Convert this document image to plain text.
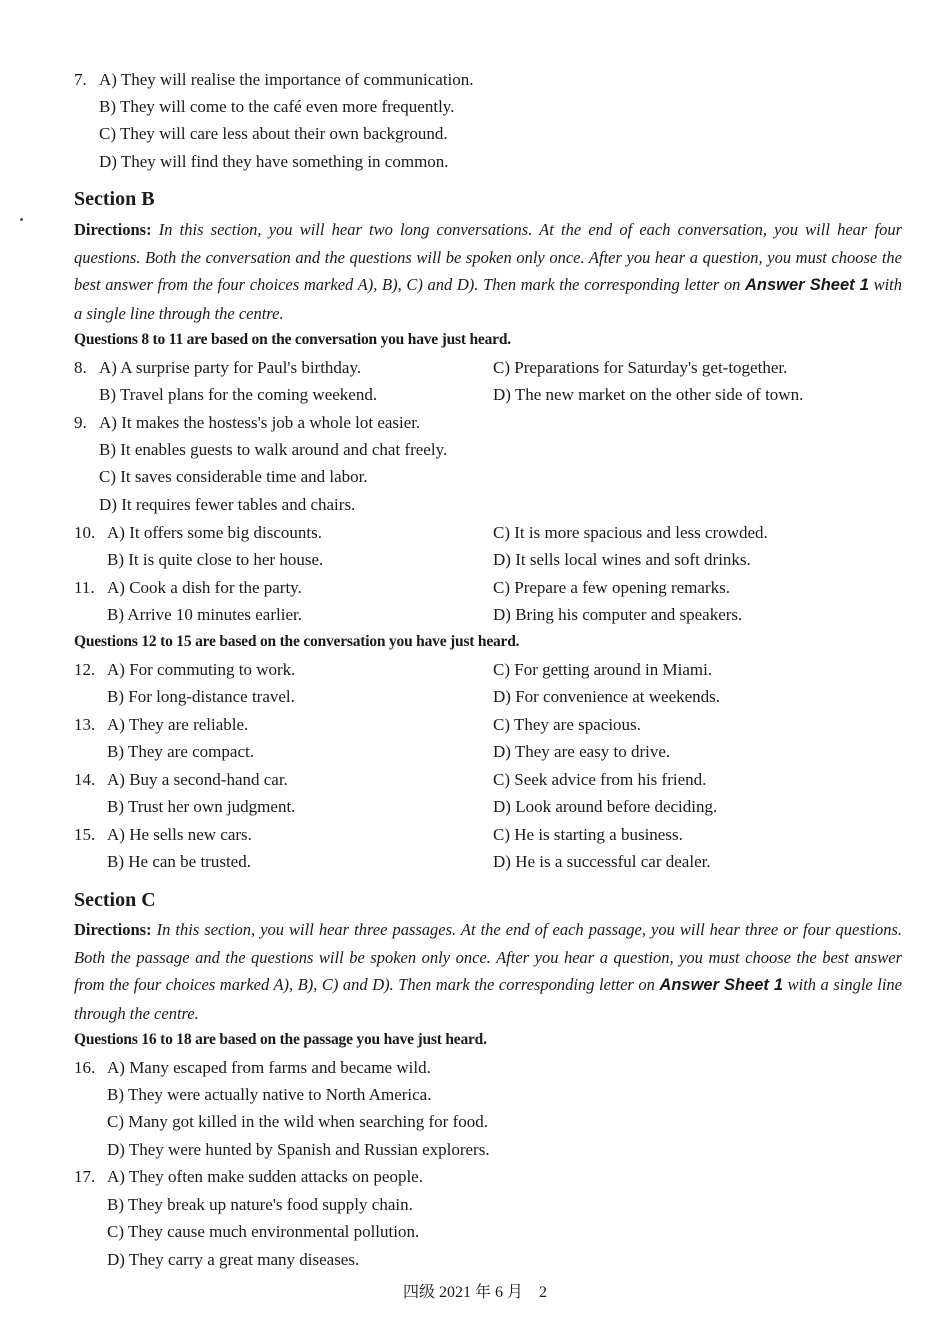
7. A) They will realise the importance of communication.
B) They will come to the café even more frequently.
C) They will care less about their own background.
D) They will find they have something in common.
Section B
Directions: In this section, you will hear two long conversations. At the end of each conversation, you will hear four questions. Both the conversation and the questions will be spoken only once. After you hear a question, you must choose the best answer from the four choices marked A), B), C) and D). Then mark the corresponding letter on Answer Sheet 1 with a single line through the centre.
Questions 8 to 11 are based on the conversation you have just heard.
8. A) A surprise party for Paul's birthday.	C) Preparations for Saturday's get-together.
B) Travel plans for the coming weekend.	D) The new market on the other side of town.
9. A) It makes the hostess's job a whole lot easier.
B) It enables guests to walk around and chat freely.
C) It saves considerable time and labor.
D) It requires fewer tables and chairs.
10. A) It offers some big discounts.	C) It is more spacious and less crowded.
B) It is quite close to her house.	D) It sells local wines and soft drinks.
11. A) Cook a dish for the party.	C) Prepare a few opening remarks.
B) Arrive 10 minutes earlier.	D) Bring his computer and speakers.
Questions 12 to 15 are based on the conversation you have just heard.
12. A) For commuting to work.	C) For getting around in Miami.
B) For long-distance travel.	D) For convenience at weekends.
13. A) They are reliable.	C) They are spacious.
B) They are compact.	D) They are easy to drive.
14. A) Buy a second-hand car.	C) Seek advice from his friend.
B) Trust her own judgment.	D) Look around before deciding.
15. A) He sells new cars.	C) He is starting a business.
B) He can be trusted.	D) He is a successful car dealer.
Section C
Directions: In this section, you will hear three passages. At the end of each passage, you will hear three or four questions. Both the passage and the questions will be spoken only once. After you hear a question, you must choose the best answer from the four choices marked A), B), C) and D). Then mark the corresponding letter on Answer Sheet 1 with a single line through the centre.
Questions 16 to 18 are based on the passage you have just heard.
16. A) Many escaped from farms and became wild.
B) They were actually native to North America.
C) Many got killed in the wild when searching for food.
D) They were hunted by Spanish and Russian explorers.
17. A) They often make sudden attacks on people.
B) They break up nature's food supply chain.
C) They cause much environmental pollution.
D) They carry a great many diseases.
四级 2021 年 6 月　2
